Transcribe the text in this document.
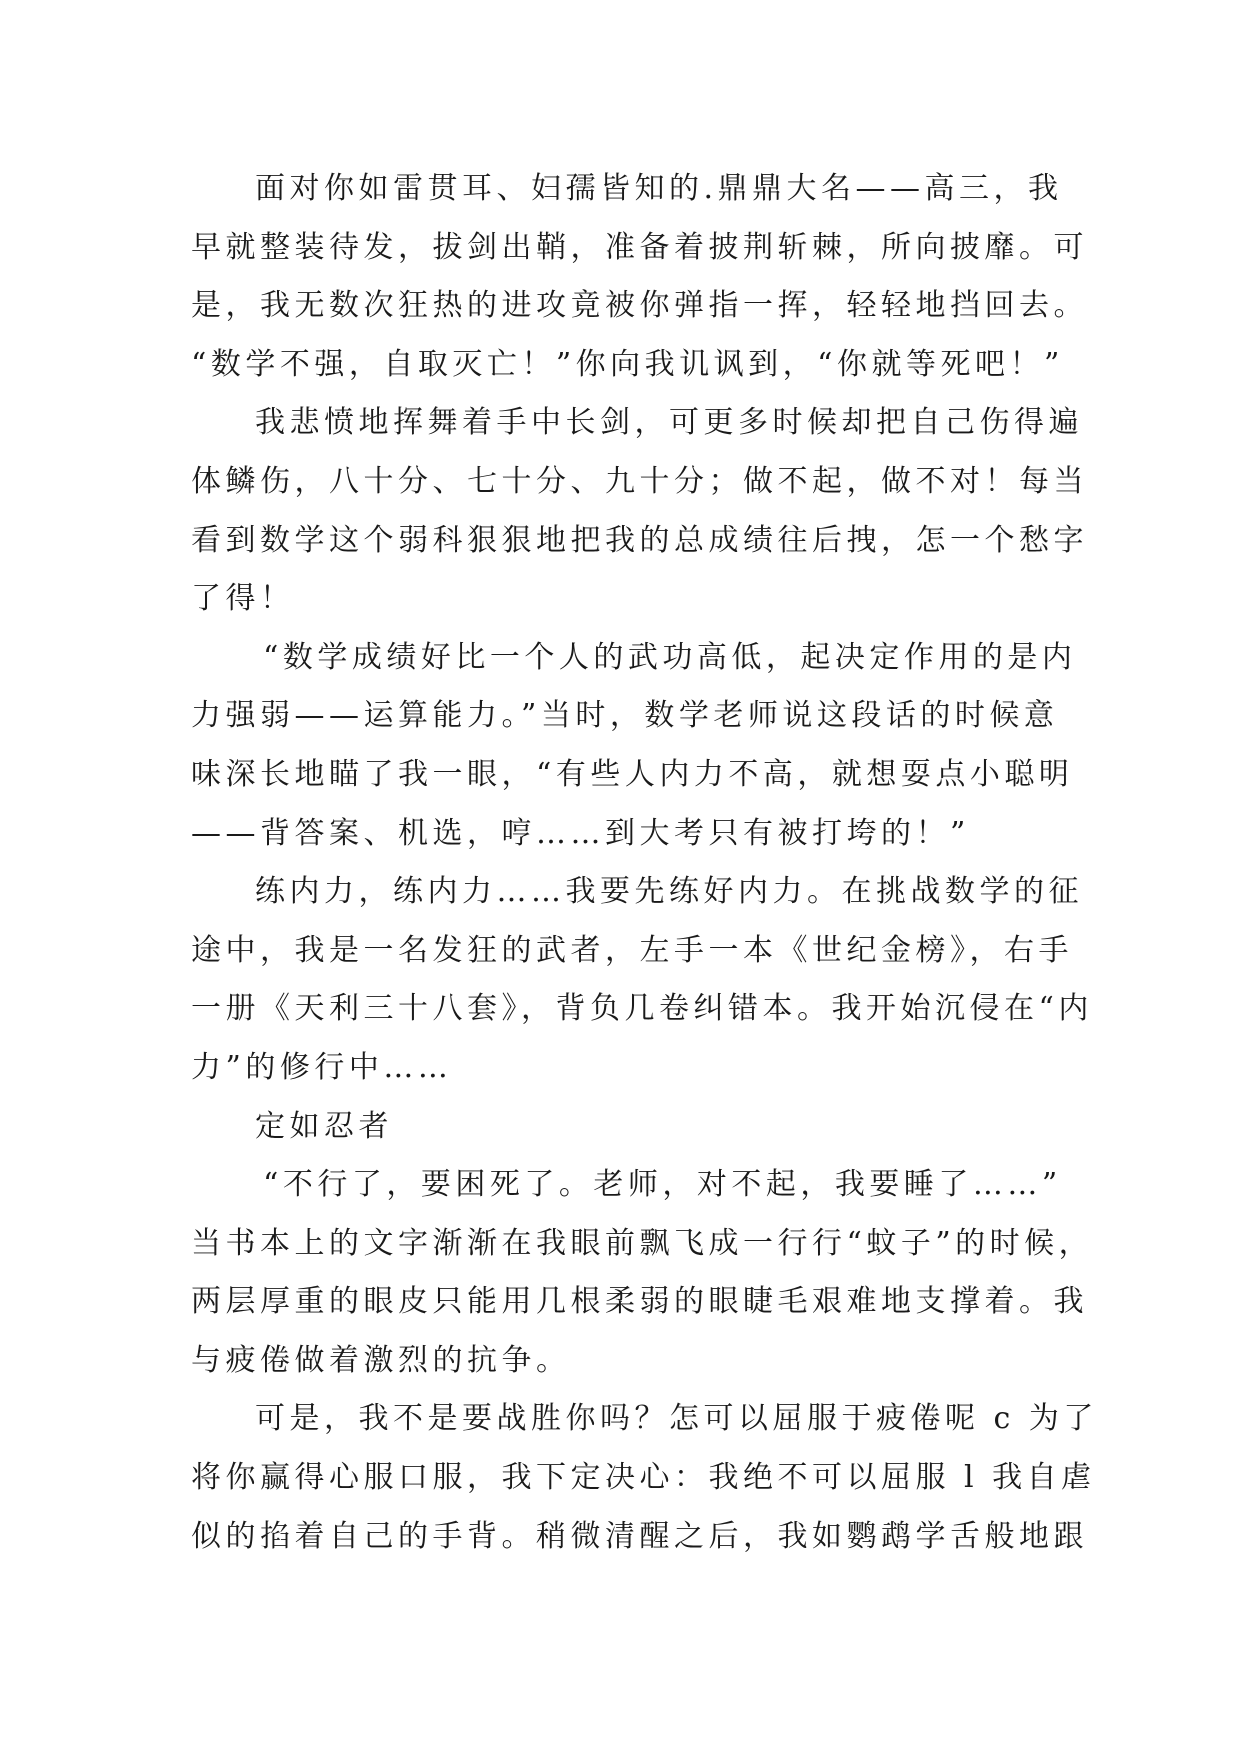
面对你如雷贯耳、妇孺皆知的.鼎鼎大名——高三，我
早就整装待发，拔剑出鞘，准备着披荆斩棘，所向披靡。可
是，我无数次狂热的进攻竟被你弹指一挥，轻轻地挡回去。
“数学不强，自取灭亡！”你向我讥讽到，“你就等死吧！”
我悲愤地挥舞着手中长剑，可更多时候却把自己伤得遍
体鳞伤，八十分、七十分、九十分；做不起，做不对！每当
看到数学这个弱科狠狠地把我的总成绩往后拽，怎一个愁字
了得！
“数学成绩好比一个人的武功高低，起决定作用的是内
力强弱——运算能力。”当时，数学老师说这段话的时候意
味深长地瞄了我一眼，“有些人内力不高，就想耍点小聪明
——背答案、机选，哼……到大考只有被打垮的！”
练内力，练内力……我要先练好内力。在挑战数学的征
途中，我是一名发狂的武者，左手一本《世纪金榜》，右手
一册《天利三十八套》，背负几卷纠错本。我开始沉侵在“内
力”的修行中……
定如忍者
“不行了，要困死了。老师，对不起，我要睡了……”
当书本上的文字渐渐在我眼前飘飞成一行行“蚊子”的时候，
两层厚重的眼皮只能用几根柔弱的眼睫毛艰难地支撑着。我
与疲倦做着激烈的抗争。
可是，我不是要战胜你吗？怎可以屈服于疲倦呢 c 为了
将你赢得心服口服，我下定决心：我绝不可以屈服 l 我自虐
似的掐着自己的手背。稍微清醒之后，我如鹦鹉学舌般地跟
